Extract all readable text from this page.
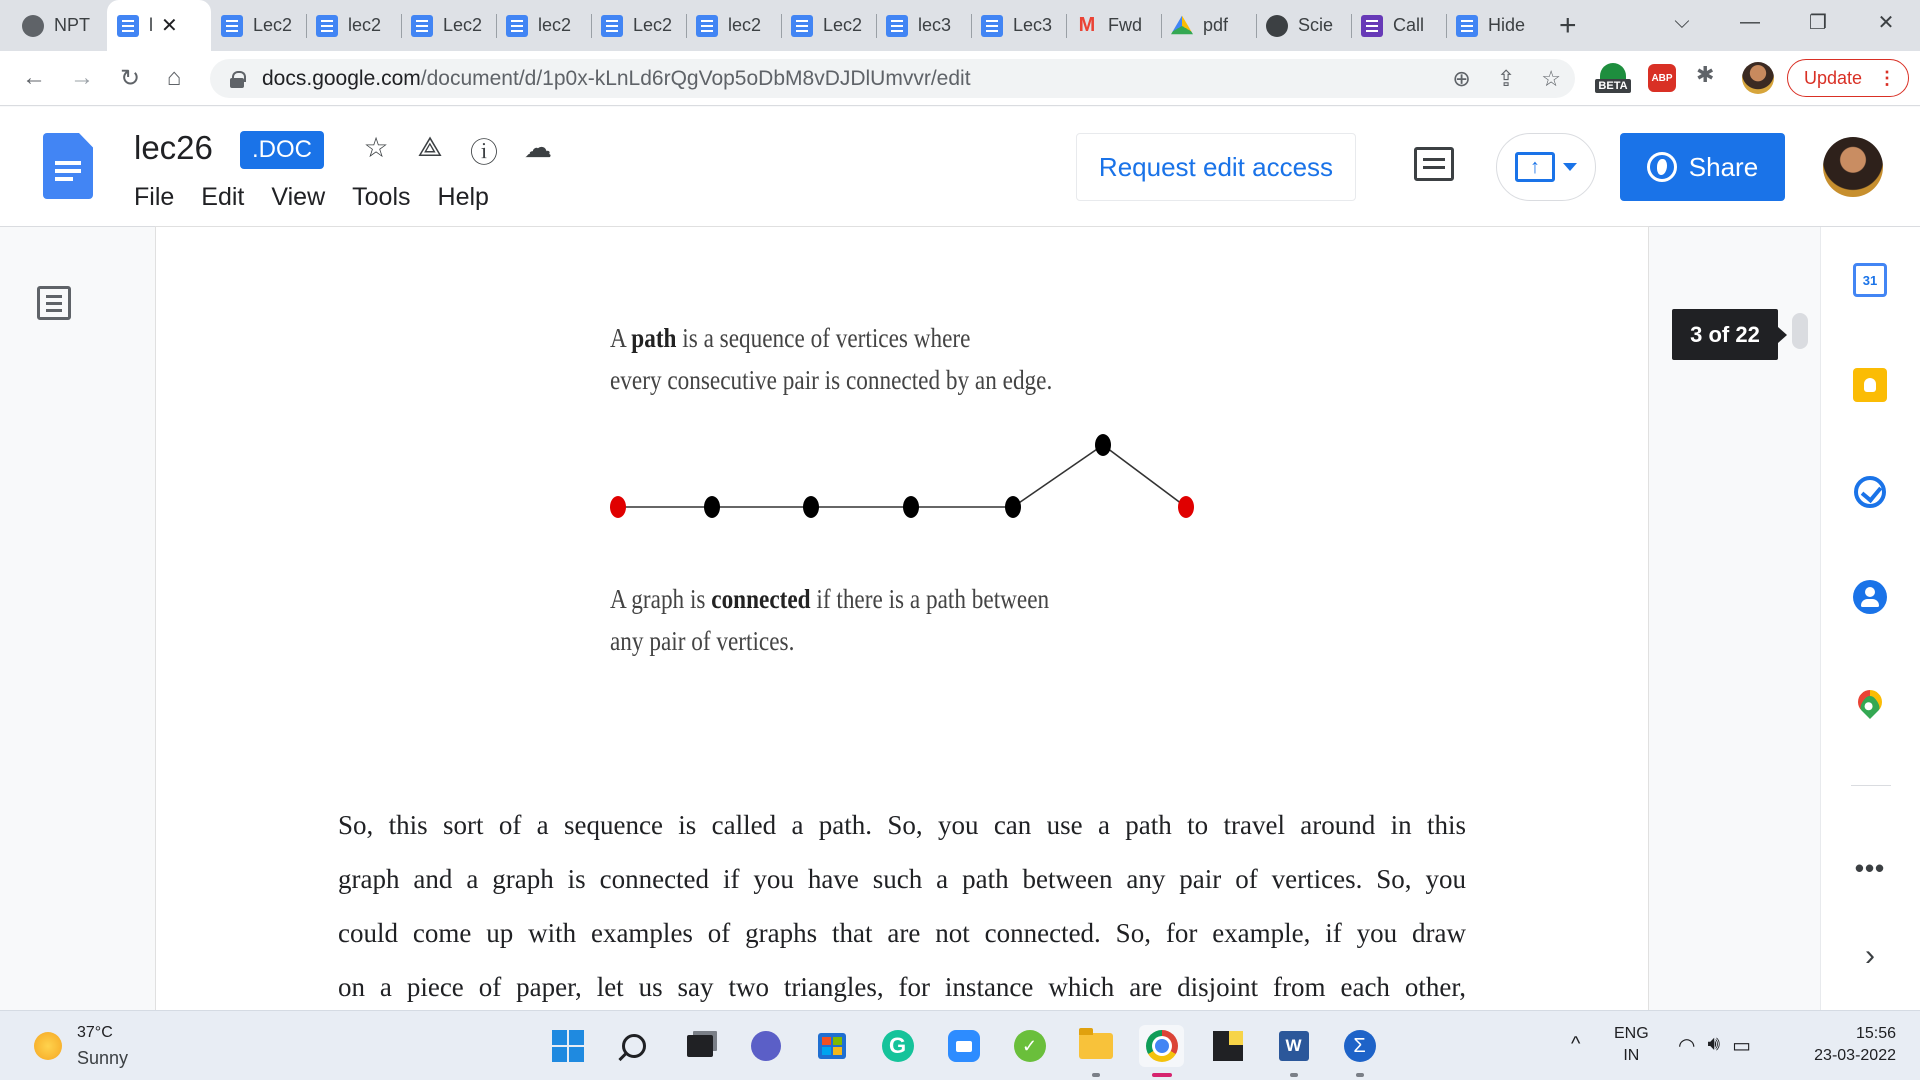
NPT	l ✕	Lec2	lec2	Lec2	lec2	Lec2	lec2	Lec2	lec3	Lec3 M Fwd	pdf	Scie	Call	Hide +	⌵	—	❐	✕
←	→	↻	⌂	docs.google.com/document/d/1p0x-kLnLd6rQgVop5oDbM8vDJDlUmvvr/edit	⊕ ⇪ ☆	BETA
ABP ✱	Update ⋮
lec26	.DOC	☆ ⟁ ⓘ ☁
File Edit View Tools Help
Request edit access	↑	Share
A path is a sequence of vertices where
every consecutive pair is connected by an edge.
A graph is connected if there is a path between
any pair of vertices.
So, this sort of a sequence is called a path. So, you can use a path to travel around in this
graph and a graph is connected if you have such a path between any pair of vertices. So, you
could come up with examples of graphs that are not connected. So, for example, if you draw
on a piece of paper, let us say two triangles, for instance which are disjoint from each other,
3 of 22
31
•••
›
37°C
Sunny	G	✓	W	Σ	^ ENG
IN	◠ 🔊︎ ▭
15:56
23-03-2022
